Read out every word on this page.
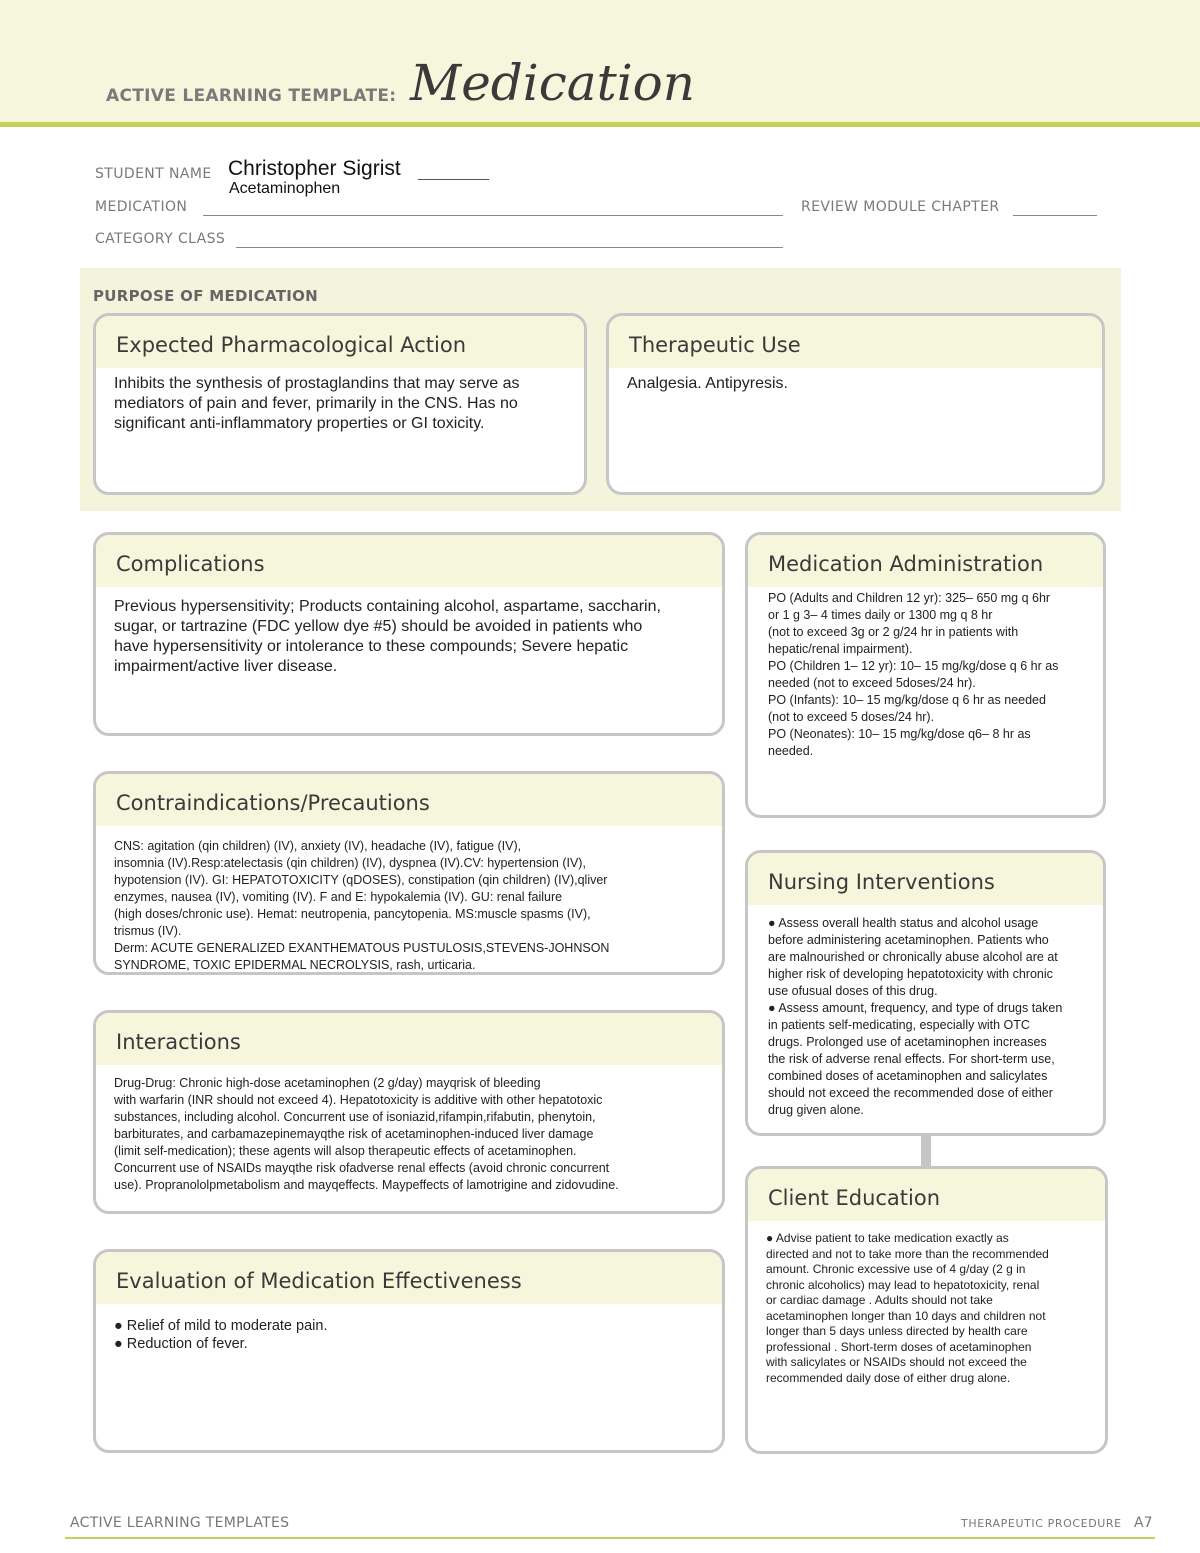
ACTIVE LEARNING TEMPLATE: Medication
STUDENT NAME Christopher Sigrist ________
Acetaminophen
MEDICATION	REVIEW MODULE CHAPTER
CATEGORY CLASS
PURPOSE OF MEDICATION
Expected Pharmacological Action
Inhibits the synthesis of prostaglandins that may serve as
mediators of pain and fever, primarily in the CNS. Has no
significant anti-inflammatory properties or GI toxicity.
Therapeutic Use
Analgesia. Antipyresis.
Complications
Previous hypersensitivity; Products containing alcohol, aspartame, saccharin,
sugar, or tartrazine (FDC yellow dye #5) should be avoided in patients who
have hypersensitivity or intolerance to these compounds; Severe hepatic
impairment/active liver disease.
Medication Administration
PO (Adults and Children 12 yr): 325– 650 mg q 6hr
or 1 g 3– 4 times daily or 1300 mg q 8 hr
(not to exceed 3g or 2 g/24 hr in patients with
hepatic/renal impairment).
PO (Children 1– 12 yr): 10– 15 mg/kg/dose q 6 hr as
needed (not to exceed 5doses/24 hr).
PO (Infants): 10– 15 mg/kg/dose q 6 hr as needed
(not to exceed 5 doses/24 hr).
PO (Neonates): 10– 15 mg/kg/dose q6– 8 hr as
needed.
Contraindications/Precautions
CNS: agitation (qin children) (IV), anxiety (IV), headache (IV), fatigue (IV),
insomnia (IV).Resp:atelectasis (qin children) (IV), dyspnea (IV).CV: hypertension (IV),
hypotension (IV). GI: HEPATOTOXICITY (qDOSES), constipation (qin children) (IV),qliver
enzymes, nausea (IV), vomiting (IV). F and E: hypokalemia (IV). GU: renal failure
(high doses/chronic use). Hemat: neutropenia, pancytopenia. MS:muscle spasms (IV),
trismus (IV).
Derm: ACUTE GENERALIZED EXANTHEMATOUS PUSTULOSIS,STEVENS-JOHNSON
SYNDROME, TOXIC EPIDERMAL NECROLYSIS, rash, urticaria.
Nursing Interventions
● Assess overall health status and alcohol usage
before administering acetaminophen. Patients who
are malnourished or chronically abuse alcohol are at
higher risk of developing hepatotoxicity with chronic
use ofusual doses of this drug.
● Assess amount, frequency, and type of drugs taken
in patients self-medicating, especially with OTC
drugs. Prolonged use of acetaminophen increases
the risk of adverse renal effects. For short-term use,
combined doses of acetaminophen and salicylates
should not exceed the recommended dose of either
drug given alone.
Interactions
Drug-Drug: Chronic high-dose acetaminophen (2 g/day) mayqrisk of bleeding
with warfarin (INR should not exceed 4). Hepatotoxicity is additive with other hepatotoxic
substances, including alcohol. Concurrent use of isoniazid,rifampin,rifabutin, phenytoin,
barbiturates, and carbamazepinemayqthe risk of acetaminophen-induced liver damage
(limit self-medication); these agents will alsop therapeutic effects of acetaminophen.
Concurrent use of NSAIDs mayqthe risk ofadverse renal effects (avoid chronic concurrent
use). Propranololpmetabolism and mayqeffects. Maypeffects of lamotrigine and zidovudine.
Client Education
● Advise patient to take medication exactly as
directed and not to take more than the recommended
amount. Chronic excessive use of 4 g/day (2 g in
chronic alcoholics) may lead to hepatotoxicity, renal
or cardiac damage . Adults should not take
acetaminophen longer than 10 days and children not
longer than 5 days unless directed by health care
professional . Short-term doses of acetaminophen
with salicylates or NSAIDs should not exceed the
recommended daily dose of either drug alone.
Evaluation of Medication Effectiveness
● Relief of mild to moderate pain.
● Reduction of fever.
ACTIVE LEARNING TEMPLATES	THERAPEUTIC PROCEDURE A7
